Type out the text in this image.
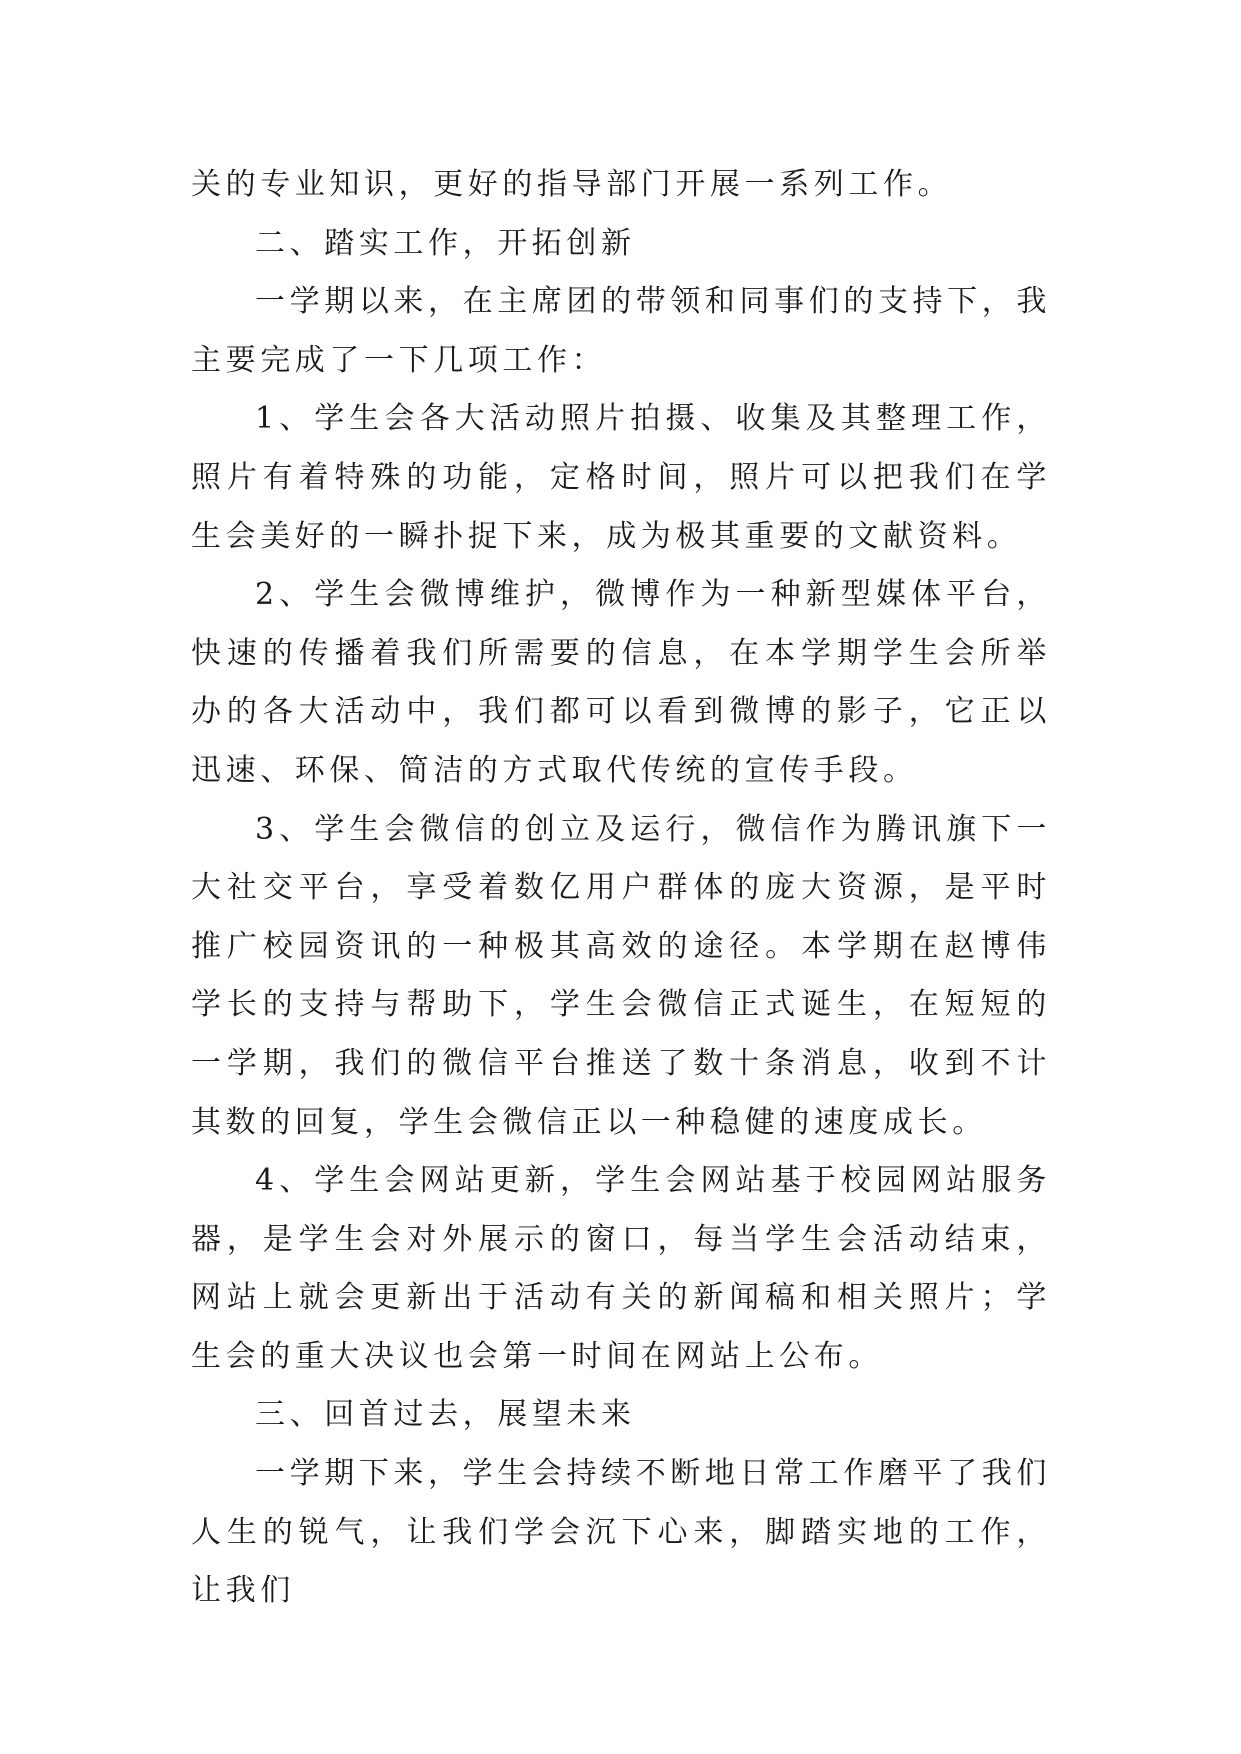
关的专业知识，更好的指导部门开展一系列工作。

二、踏实工作，开拓创新

一学期以来，在主席团的带领和同事们的支持下，我主要完成了一下几项工作：

1、学生会各大活动照片拍摄、收集及其整理工作，照片有着特殊的功能，定格时间，照片可以把我们在学生会美好的一瞬扑捉下来，成为极其重要的文献资料。

2、学生会微博维护，微博作为一种新型媒体平台，快速的传播着我们所需要的信息，在本学期学生会所举办的各大活动中，我们都可以看到微博的影子，它正以迅速、环保、简洁的方式取代传统的宣传手段。

3、学生会微信的创立及运行，微信作为腾讯旗下一大社交平台，享受着数亿用户群体的庞大资源，是平时推广校园资讯的一种极其高效的途径。本学期在赵博伟学长的支持与帮助下，学生会微信正式诞生，在短短的一学期，我们的微信平台推送了数十条消息，收到不计其数的回复，学生会微信正以一种稳健的速度成长。

4、学生会网站更新，学生会网站基于校园网站服务器，是学生会对外展示的窗口，每当学生会活动结束，网站上就会更新出于活动有关的新闻稿和相关照片；学生会的重大决议也会第一时间在网站上公布。

三、回首过去，展望未来

一学期下来，学生会持续不断地日常工作磨平了我们人生的锐气，让我们学会沉下心来，脚踏实地的工作，让我们
